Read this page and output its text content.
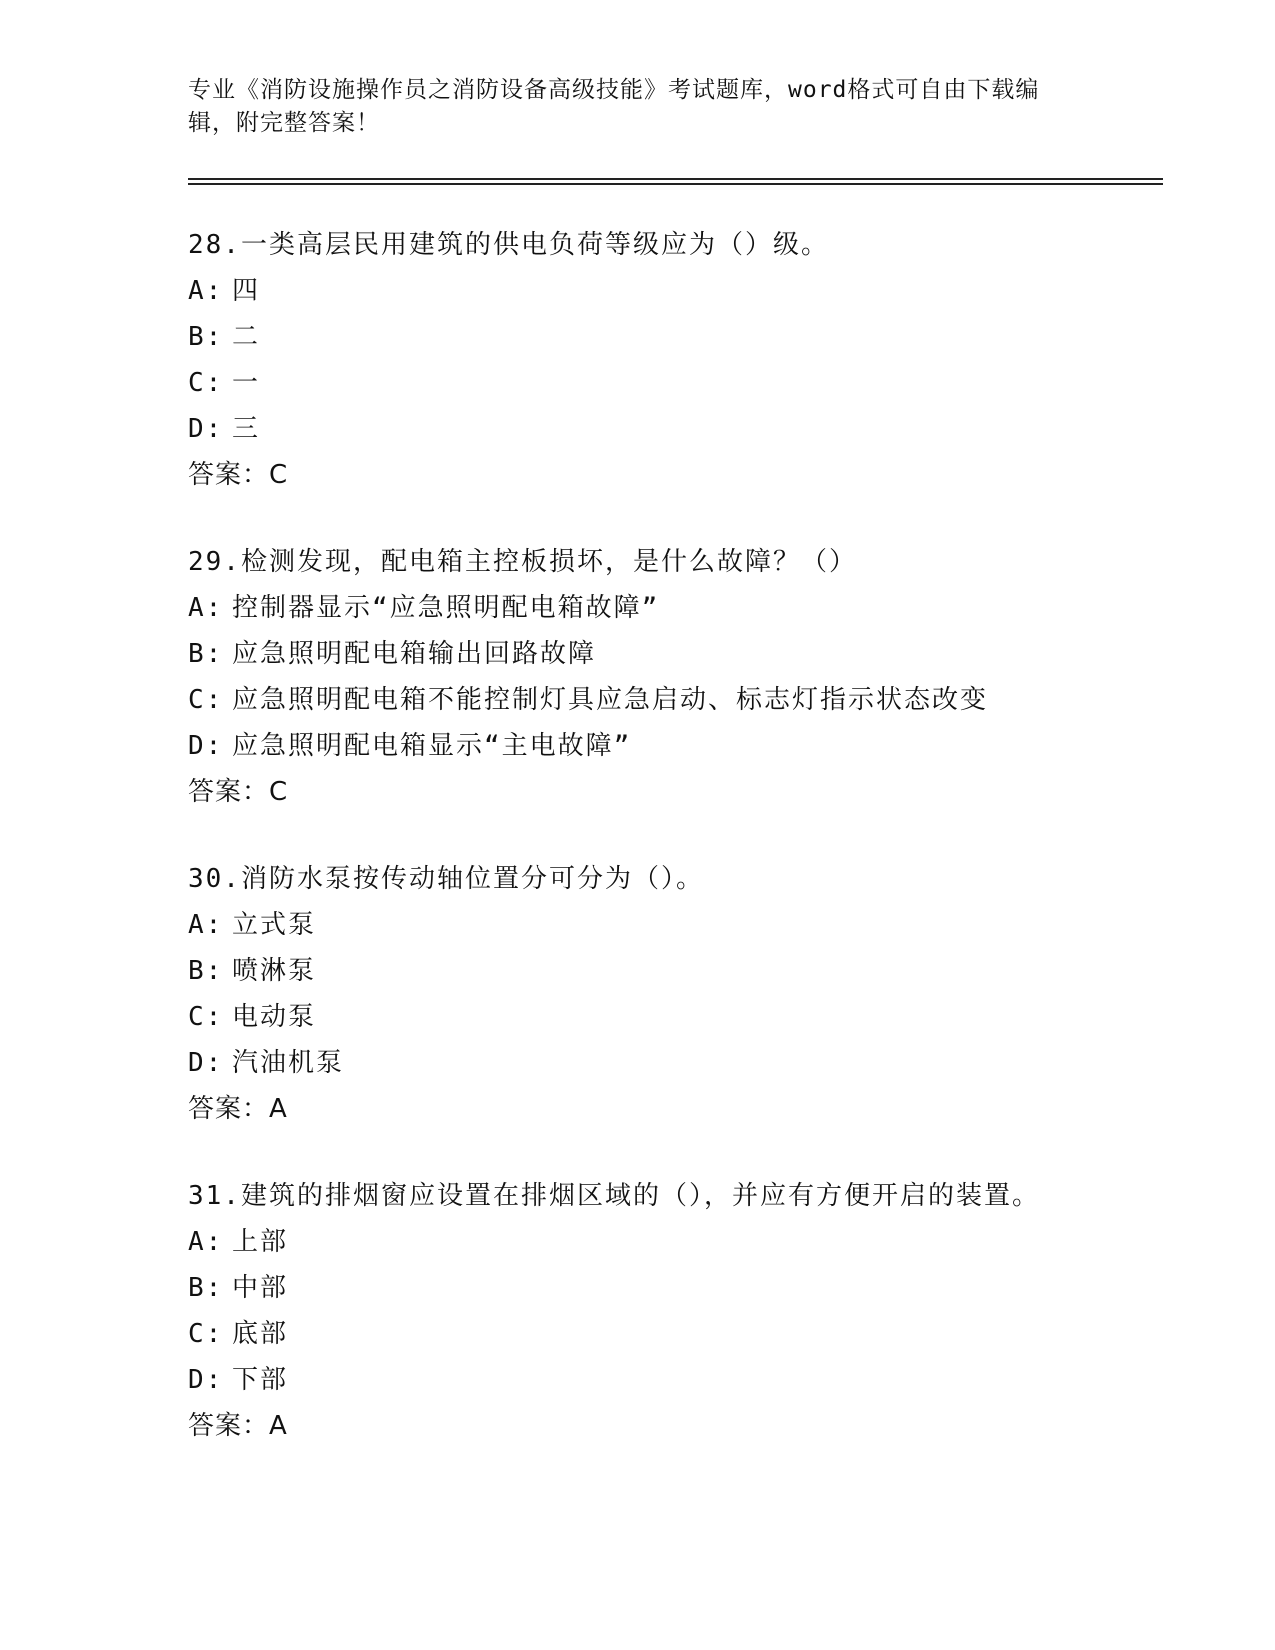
专业《消防设施操作员之消防设备高级技能》考试题库，word格式可自由下载编辑，附完整答案！
28.一类高层民用建筑的供电负荷等级应为（）级。
A: 四
B: 二
C: 一
D: 三
答案：C
29.检测发现，配电箱主控板损坏，是什么故障？（）
A: 控制器显示“应急照明配电箱故障”
B: 应急照明配电箱输出回路故障
C: 应急照明配电箱不能控制灯具应急启动、标志灯指示状态改变
D: 应急照明配电箱显示“主电故障”
答案：C
30.消防水泵按传动轴位置分可分为（）。
A: 立式泵
B: 喷淋泵
C: 电动泵
D: 汽油机泵
答案：A
31.建筑的排烟窗应设置在排烟区域的（），并应有方便开启的装置。
A: 上部
B: 中部
C: 底部
D: 下部
答案：A
